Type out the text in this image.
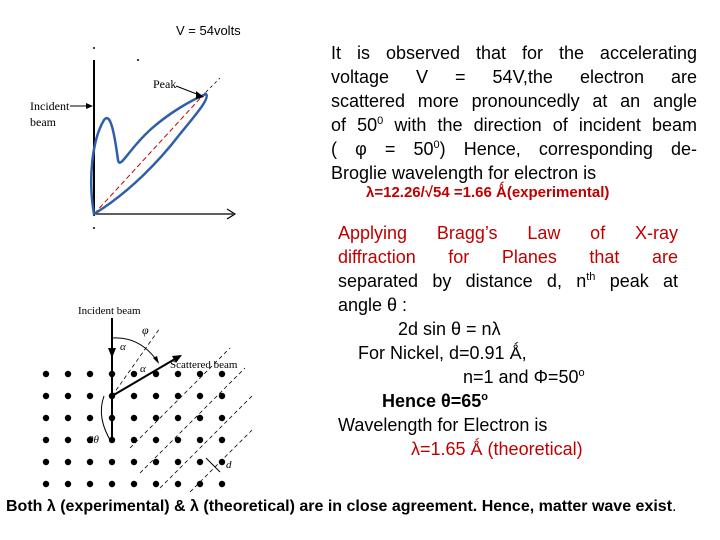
V = 54volts
Peak
Incident
beam
Incident beam
Scattered beam
φ
α
α
2θ
d
It is observed that for the accelerating
voltage V = 54V,the electron are
scattered more pronouncedly at an angle
of $50^0$ with the direction of incident beam
( $\varphi = 50^0$) Hence, corresponding de-
Broglie wavelength for electron is
λ=12.26/√54 =1.66 Ǻ(experimental)
Applying Bragg’s Law of X-ray
diffraction for Planes that are
separated by distance d, $n^{th}$ peak at
angle θ :
2d sin θ = nλ
For Nickel, d=0.91 Ǻ,
n=1 and $\Phi=50^o$
Hence $\theta=65^o$
Wavelength for Electron is
λ=1.65 Ǻ (theoretical)
Both λ (experimental) & λ (theoretical) are in close agreement. Hence, matter wave exist.
